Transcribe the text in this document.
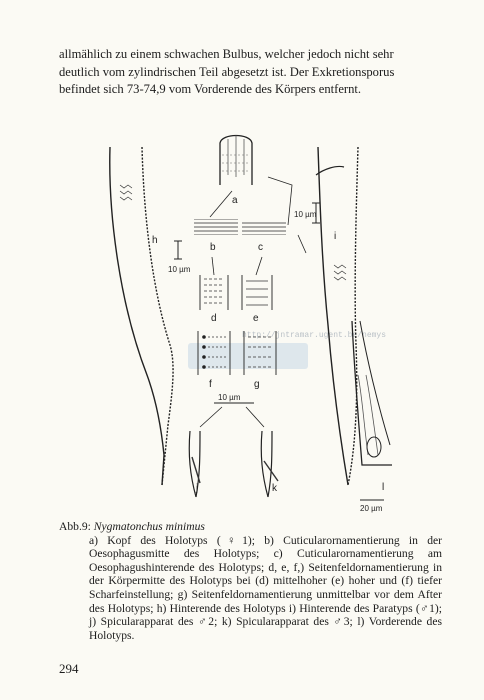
allmählich zu einem schwachen Bulbus, welcher jedoch nicht sehr
deutlich vom zylindrischen Teil abgesetzt ist. Der Exkretionsporus
befindet sich 73-74,9 vom Vorderende des Körpers entfernt.
h
a
10 µm
b	c
10 µm
d	e
http://jntramar.ugent.be/nemys
f	g
10 µm
j	k
i
l
20 µm
Abb.9: Nygmatonchus minimus
a) Kopf des Holotyps (♀1); b) Cuticularornamentierung in der Oesophagusmitte des Holotyps; c) Cuticularornamentierung am Oesophagushinterende des Holotyps; d, e, f,) Seitenfeldornamentierung in der Körpermitte des Holotyps bei (d) mittelhoher (e) hoher und (f) tiefer Scharfeinstellung; g) Seitenfeldornamentierung unmittelbar vor dem After des Holotyps; h) Hinterende des Holotyps i) Hinterende des Paratyps (♂1); j) Spicularapparat des ♂2; k) Spicularapparat des ♂3; l) Vorderende des Holotyps.
294
